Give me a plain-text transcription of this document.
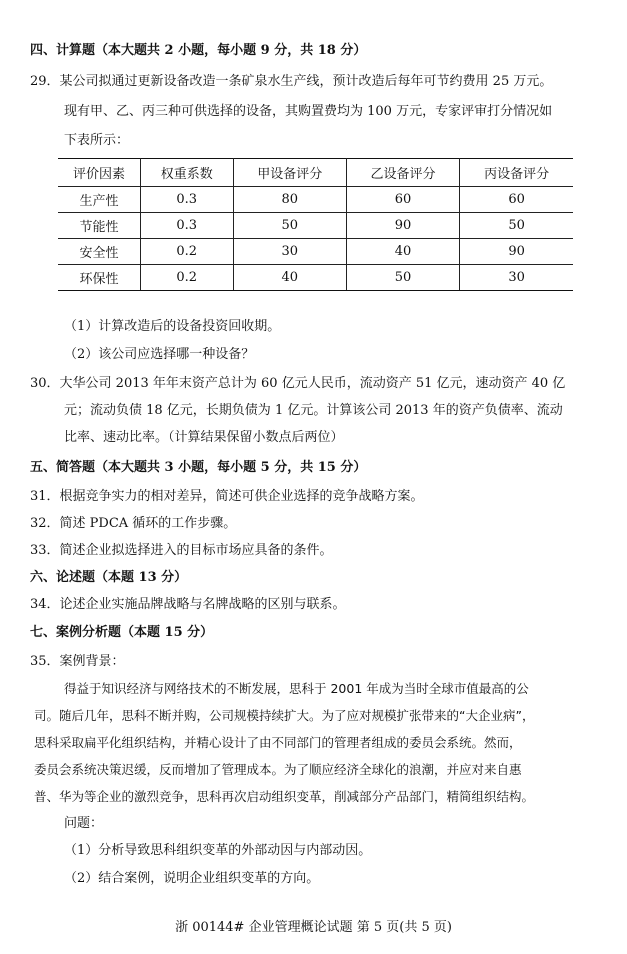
四、计算题（本大题共 2 小题，每小题 9 分，共 18 分）
29．某公司拟通过更新设备改造一条矿泉水生产线，预计改造后每年可节约费用 25 万元。
现有甲、乙、丙三种可供选择的设备，其购置费均为 100 万元，专家评审打分情况如
下表所示：
评价因素	权重系数	甲设备评分	乙设备评分	丙设备评分
生产性	0.3	80	60	60
节能性	0.3	50	90	50
安全性	0.2	30	40	90
环保性	0.2	40	50	30
（1）计算改造后的设备投资回收期。
（2）该公司应选择哪一种设备？
30．大华公司 2013 年年末资产总计为 60 亿元人民币，流动资产 51 亿元，速动资产 40 亿
元；流动负债 18 亿元，长期负债为 1 亿元。计算该公司 2013 年的资产负债率、流动
比率、速动比率。（计算结果保留小数点后两位）
五、简答题（本大题共 3 小题，每小题 5 分，共 15 分）
31．根据竞争实力的相对差异，简述可供企业选择的竞争战略方案。
32．简述 PDCA 循环的工作步骤。
33．简述企业拟选择进入的目标市场应具备的条件。
六、论述题（本题 13 分）
34．论述企业实施品牌战略与名牌战略的区别与联系。
七、案例分析题（本题 15 分）
35．案例背景：
得益于知识经济与网络技术的不断发展，思科于 2001 年成为当时全球市值最高的公
司。随后几年，思科不断并购，公司规模持续扩大。为了应对规模扩张带来的“大企业病”，
思科采取扁平化组织结构，并精心设计了由不同部门的管理者组成的委员会系统。然而，
委员会系统决策迟缓，反而增加了管理成本。为了顺应经济全球化的浪潮，并应对来自惠
普、华为等企业的激烈竞争，思科再次启动组织变革，削减部分产品部门，精简组织结构。
问题：
（1）分析导致思科组织变革的外部动因与内部动因。
（2）结合案例，说明企业组织变革的方向。
浙 00144# 企业管理概论试题 第 5 页(共 5 页)
